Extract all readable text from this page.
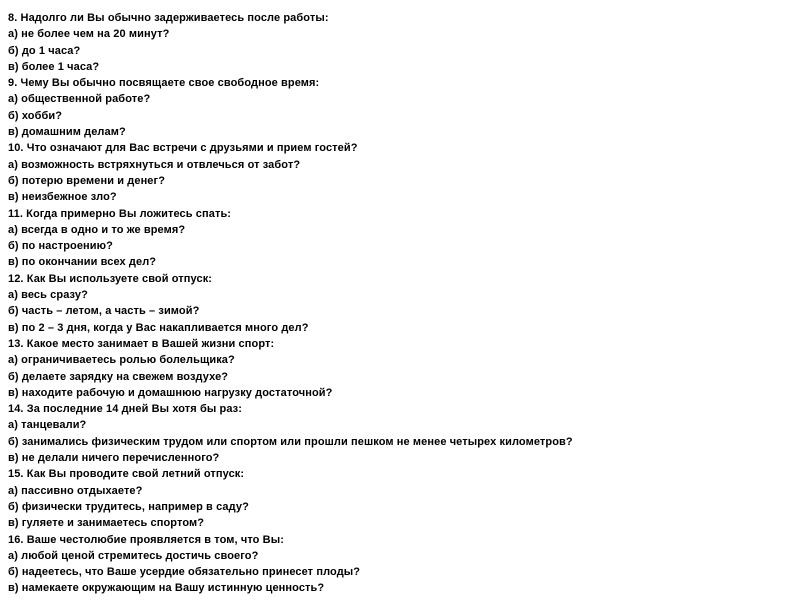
8. Надолго ли Вы обычно задерживаетесь после работы:
а) не более чем на 20 минут?
б) до 1 часа?
в) более 1 часа?
9. Чему Вы обычно посвящаете свое свободное время:
а) общественной работе?
б) хобби?
в) домашним делам?
10. Что означают для Вас встречи с друзьями и прием гостей?
а) возможность встряхнуться и отвлечься от забот?
б) потерю времени и денег?
в) неизбежное зло?
11. Когда примерно Вы ложитесь спать:
а) всегда в одно и то же время?
б) по настроению?
в) по окончании всех дел?
12. Как Вы используете свой отпуск:
а) весь сразу?
б) часть – летом, а часть – зимой?
в) по 2 – 3 дня, когда у Вас накапливается много дел?
13. Какое место занимает в Вашей жизни спорт:
а) ограничиваетесь ролью болельщика?
б) делаете зарядку на свежем воздухе?
в) находите рабочую и домашнюю нагрузку достаточной?
14. За последние 14 дней Вы хотя бы раз:
а) танцевали?
б) занимались физическим трудом или спортом или прошли пешком не менее четырех километров?
в) не делали ничего перечисленного?
15. Как Вы проводите свой летний отпуск:
а) пассивно отдыхаете?
б) физически трудитесь, например в саду?
в) гуляете и занимаетесь спортом?
16. Ваше честолюбие проявляется в том, что Вы:
а) любой ценой стремитесь достичь своего?
б) надеетесь, что Ваше усердие обязательно принесет плоды?
в) намекаете окружающим на Вашу истинную ценность?
